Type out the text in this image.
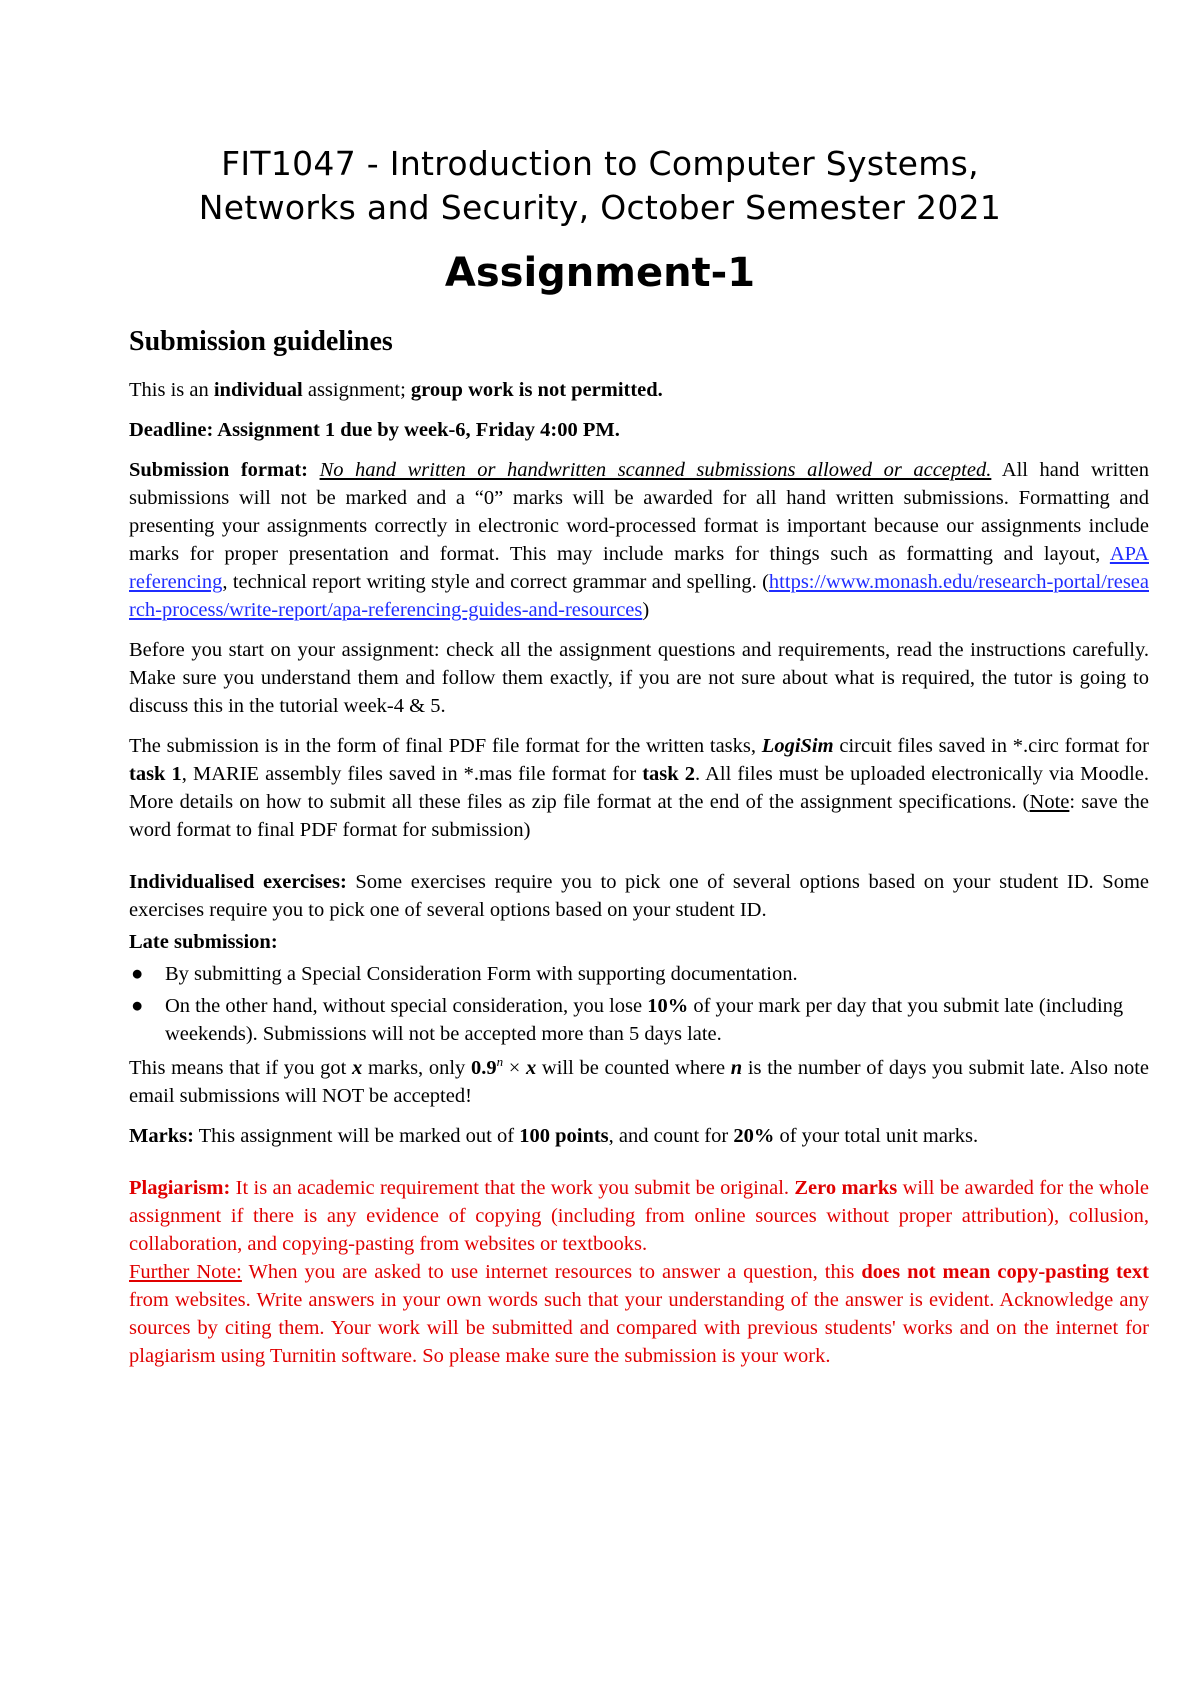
FIT1047 - Introduction to Computer Systems,
Networks and Security, October Semester 2021
Assignment-1
Submission guidelines

This is an individual assignment; group work is not permitted.

Deadline: Assignment 1 due by week-6, Friday 4:00 PM.

Submission format: No hand written or handwritten scanned submissions allowed or accepted. All hand written submissions will not be marked and a “0” marks will be awarded for all hand written submissions. Formatting and presenting your assignments correctly in electronic word-processed format is important because our assignments include marks for proper presentation and format. This may include marks for things such as formatting and layout, APA referencing, technical report writing style and correct grammar and spelling. (https://www.monash.edu/research-portal/research-process/write-report/apa-referencing-guides-and-resources)

Before you start on your assignment: check all the assignment questions and requirements, read the instructions carefully. Make sure you understand them and follow them exactly, if you are not sure about what is required, the tutor is going to discuss this in the tutorial week-4 & 5.

The submission is in the form of final PDF file format for the written tasks, LogiSim circuit files saved in *.circ format for task 1, MARIE assembly files saved in *.mas file format for task 2. All files must be uploaded electronically via Moodle. More details on how to submit all these files as zip file format at the end of the assignment specifications. (Note: save the word format to final PDF format for submission)

Individualised exercises: Some exercises require you to pick one of several options based on your student ID. Some exercises require you to pick one of several options based on your student ID.

Late submission:

● By submitting a Special Consideration Form with supporting documentation.
● On the other hand, without special consideration, you lose 10% of your mark per day that you submit late (including weekends). Submissions will not be accepted more than 5 days late.

This means that if you got x marks, only $0.9^n \times x$ will be counted where n is the number of days you submit late. Also note email submissions will NOT be accepted!

Marks: This assignment will be marked out of 100 points, and count for 20% of your total unit marks.

Plagiarism: It is an academic requirement that the work you submit be original. Zero marks will be awarded for the whole assignment if there is any evidence of copying (including from online sources without proper attribution), collusion, collaboration, and copying-pasting from websites or textbooks.
Further Note: When you are asked to use internet resources to answer a question, this does not mean copy-pasting text from websites. Write answers in your own words such that your understanding of the answer is evident. Acknowledge any sources by citing them. Your work will be submitted and compared with previous students' works and on the internet for plagiarism using Turnitin software. So please make sure the submission is your work.
